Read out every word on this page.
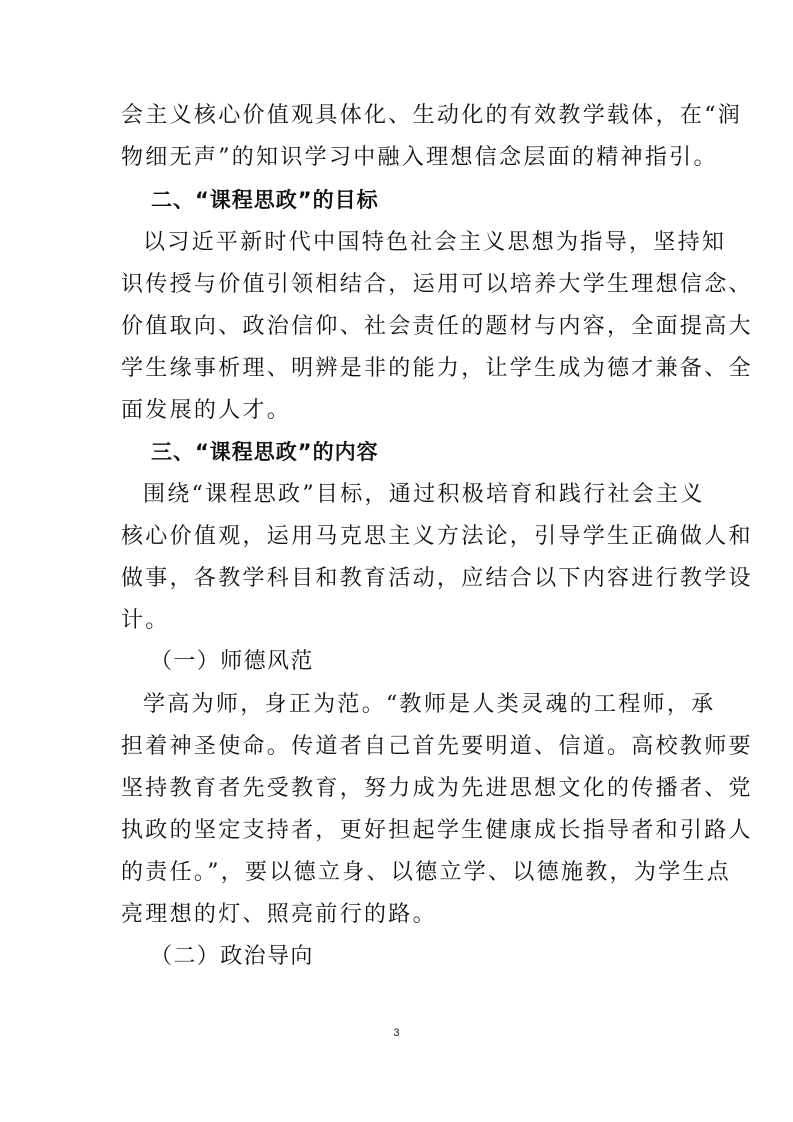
会主义核心价值观具体化、生动化的有效教学载体，在“润
物细无声”的知识学习中融入理想信念层面的精神指引。
二、“课程思政”的目标
以习近平新时代中国特色社会主义思想为指导，坚持知
识传授与价值引领相结合，运用可以培养大学生理想信念、
价值取向、政治信仰、社会责任的题材与内容，全面提高大
学生缘事析理、明辨是非的能力，让学生成为德才兼备、全
面发展的人才。
三、“课程思政”的内容
围绕“课程思政”目标，通过积极培育和践行社会主义
核心价值观，运用马克思主义方法论，引导学生正确做人和
做事，各教学科目和教育活动，应结合以下内容进行教学设
计。
（一）师德风范
学高为师，身正为范。“教师是人类灵魂的工程师，承
担着神圣使命。传道者自己首先要明道、信道。高校教师要
坚持教育者先受教育，努力成为先进思想文化的传播者、党
执政的坚定支持者，更好担起学生健康成长指导者和引路人
的责任。”，要以德立身、以德立学、以德施教，为学生点
亮理想的灯、照亮前行的路。
（二）政治导向
3
